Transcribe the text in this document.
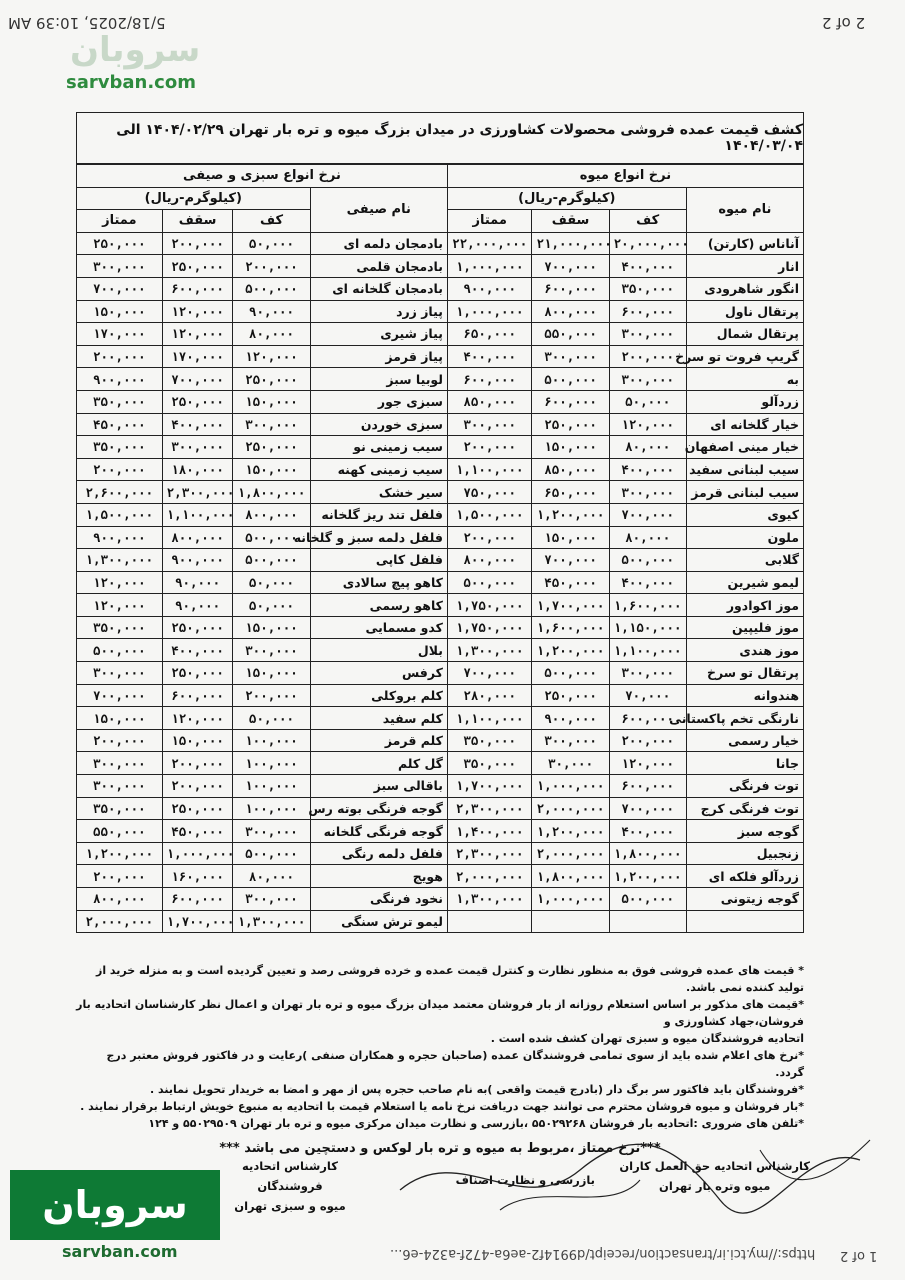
5/18/2025, 10:39 AM	2 of 2
سروبان
sarvban.com
کشف قیمت عمده فروشی محصولات کشاورزی در میدان بزرگ میوه و تره بار تهران ۱۴۰۴/۰۲/۲۹ الی ۱۴۰۴/۰۳/۰۴
نرخ انواع میوه				نرخ انواع سبزی و صیفی			
نام میوه	(کیلوگرم-ریال)			نام صیفی	(کیلوگرم-ریال)		
	کف	سقف	ممتاز		کف	سقف	ممتاز
آناناس (کارتن)	۲۰,۰۰۰,۰۰۰	۲۱,۰۰۰,۰۰۰	۲۲,۰۰۰,۰۰۰	بادمجان دلمه ای	۵۰,۰۰۰	۲۰۰,۰۰۰	۲۵۰,۰۰۰
انار	۴۰۰,۰۰۰	۷۰۰,۰۰۰	۱,۰۰۰,۰۰۰	بادمجان قلمی	۲۰۰,۰۰۰	۲۵۰,۰۰۰	۳۰۰,۰۰۰
انگور شاهرودی	۳۵۰,۰۰۰	۶۰۰,۰۰۰	۹۰۰,۰۰۰	بادمجان گلخانه ای	۵۰۰,۰۰۰	۶۰۰,۰۰۰	۷۰۰,۰۰۰
پرتقال ناول	۶۰۰,۰۰۰	۸۰۰,۰۰۰	۱,۰۰۰,۰۰۰	پیاز زرد	۹۰,۰۰۰	۱۲۰,۰۰۰	۱۵۰,۰۰۰
پرتقال شمال	۳۰۰,۰۰۰	۵۵۰,۰۰۰	۶۵۰,۰۰۰	پیاز شیری	۸۰,۰۰۰	۱۲۰,۰۰۰	۱۷۰,۰۰۰
گریپ فروت تو سرخ	۲۰۰,۰۰۰	۳۰۰,۰۰۰	۴۰۰,۰۰۰	پیاز قرمز	۱۲۰,۰۰۰	۱۷۰,۰۰۰	۲۰۰,۰۰۰
به	۳۰۰,۰۰۰	۵۰۰,۰۰۰	۶۰۰,۰۰۰	لوبیا سبز	۲۵۰,۰۰۰	۷۰۰,۰۰۰	۹۰۰,۰۰۰
زردآلو	۵۰,۰۰۰	۶۰۰,۰۰۰	۸۵۰,۰۰۰	سبزی جور	۱۵۰,۰۰۰	۲۵۰,۰۰۰	۳۵۰,۰۰۰
خیار گلخانه ای	۱۲۰,۰۰۰	۲۵۰,۰۰۰	۳۰۰,۰۰۰	سبزی خوردن	۳۰۰,۰۰۰	۴۰۰,۰۰۰	۴۵۰,۰۰۰
خیار مینی اصفهان	۸۰,۰۰۰	۱۵۰,۰۰۰	۲۰۰,۰۰۰	سیب زمینی نو	۲۵۰,۰۰۰	۳۰۰,۰۰۰	۳۵۰,۰۰۰
سیب لبنانی سفید	۴۰۰,۰۰۰	۸۵۰,۰۰۰	۱,۱۰۰,۰۰۰	سیب زمینی کهنه	۱۵۰,۰۰۰	۱۸۰,۰۰۰	۲۰۰,۰۰۰
سیب لبنانی قرمز	۳۰۰,۰۰۰	۶۵۰,۰۰۰	۷۵۰,۰۰۰	سیر خشک	۱,۸۰۰,۰۰۰	۲,۳۰۰,۰۰۰	۲,۶۰۰,۰۰۰
کیوی	۷۰۰,۰۰۰	۱,۲۰۰,۰۰۰	۱,۵۰۰,۰۰۰	فلفل تند ریز گلخانه	۸۰۰,۰۰۰	۱,۱۰۰,۰۰۰	۱,۵۰۰,۰۰۰
ملون	۸۰,۰۰۰	۱۵۰,۰۰۰	۲۰۰,۰۰۰	فلفل دلمه سبز و گلخانه	۵۰۰,۰۰۰	۸۰۰,۰۰۰	۹۰۰,۰۰۰
گلابی	۵۰۰,۰۰۰	۷۰۰,۰۰۰	۸۰۰,۰۰۰	فلفل کاپی	۵۰۰,۰۰۰	۹۰۰,۰۰۰	۱,۳۰۰,۰۰۰
لیمو شیرین	۴۰۰,۰۰۰	۴۵۰,۰۰۰	۵۰۰,۰۰۰	کاهو پیچ سالادی	۵۰,۰۰۰	۹۰,۰۰۰	۱۲۰,۰۰۰
موز اکوادور	۱,۶۰۰,۰۰۰	۱,۷۰۰,۰۰۰	۱,۷۵۰,۰۰۰	کاهو رسمی	۵۰,۰۰۰	۹۰,۰۰۰	۱۲۰,۰۰۰
موز فلیپین	۱,۱۵۰,۰۰۰	۱,۶۰۰,۰۰۰	۱,۷۵۰,۰۰۰	کدو مسمایی	۱۵۰,۰۰۰	۲۵۰,۰۰۰	۳۵۰,۰۰۰
موز هندی	۱,۱۰۰,۰۰۰	۱,۲۰۰,۰۰۰	۱,۳۰۰,۰۰۰	بلال	۳۰۰,۰۰۰	۴۰۰,۰۰۰	۵۰۰,۰۰۰
پرتقال تو سرخ	۳۰۰,۰۰۰	۵۰۰,۰۰۰	۷۰۰,۰۰۰	کرفس	۱۵۰,۰۰۰	۲۵۰,۰۰۰	۳۰۰,۰۰۰
هندوانه	۷۰,۰۰۰	۲۵۰,۰۰۰	۲۸۰,۰۰۰	کلم بروکلی	۲۰۰,۰۰۰	۶۰۰,۰۰۰	۷۰۰,۰۰۰
نارنگی تخم پاکستانی	۶۰۰,۰۰۰	۹۰۰,۰۰۰	۱,۱۰۰,۰۰۰	کلم سفید	۵۰,۰۰۰	۱۲۰,۰۰۰	۱۵۰,۰۰۰
خیار رسمی	۲۰۰,۰۰۰	۳۰۰,۰۰۰	۳۵۰,۰۰۰	کلم قرمز	۱۰۰,۰۰۰	۱۵۰,۰۰۰	۲۰۰,۰۰۰
جانا	۱۲۰,۰۰۰	۳۰,۰۰۰	۳۵۰,۰۰۰	گل کلم	۱۰۰,۰۰۰	۲۰۰,۰۰۰	۳۰۰,۰۰۰
توت فرنگی	۶۰۰,۰۰۰	۱,۰۰۰,۰۰۰	۱,۷۰۰,۰۰۰	باقالی سبز	۱۰۰,۰۰۰	۲۰۰,۰۰۰	۳۰۰,۰۰۰
توت فرنگی کرج	۷۰۰,۰۰۰	۲,۰۰۰,۰۰۰	۲,۳۰۰,۰۰۰	گوجه فرنگی بوته رس	۱۰۰,۰۰۰	۲۵۰,۰۰۰	۳۵۰,۰۰۰
گوجه سبز	۴۰۰,۰۰۰	۱,۲۰۰,۰۰۰	۱,۴۰۰,۰۰۰	گوجه فرنگی گلخانه	۳۰۰,۰۰۰	۴۵۰,۰۰۰	۵۵۰,۰۰۰
زنجبیل	۱,۸۰۰,۰۰۰	۲,۰۰۰,۰۰۰	۲,۳۰۰,۰۰۰	فلفل دلمه رنگی	۵۰۰,۰۰۰	۱,۰۰۰,۰۰۰	۱,۲۰۰,۰۰۰
زردآلو فلکه ای	۱,۲۰۰,۰۰۰	۱,۸۰۰,۰۰۰	۲,۰۰۰,۰۰۰	هویج	۸۰,۰۰۰	۱۶۰,۰۰۰	۲۰۰,۰۰۰
گوجه زیتونی	۵۰۰,۰۰۰	۱,۰۰۰,۰۰۰	۱,۳۰۰,۰۰۰	نخود فرنگی	۳۰۰,۰۰۰	۶۰۰,۰۰۰	۸۰۰,۰۰۰
				لیمو ترش سنگی	۱,۳۰۰,۰۰۰	۱,۷۰۰,۰۰۰	۲,۰۰۰,۰۰۰

* قیمت های عمده فروشی فوق به منظور نظارت و کنترل قیمت عمده و خرده فروشی رصد و تعیین گردیده است و به منزله خرید از تولید کننده نمی باشد.

*قیمت های مذکور بر اساس استعلام روزانه از بار فروشان معتمد میدان بزرگ میوه و تره بار تهران و اعمال نظر کارشناسان اتحادیه بار فروشان،جهاد کشاورزی و

اتحادیه فروشندگان میوه و سبزی تهران کشف شده است .

*نرخ های اعلام شده باید از سوی تمامی فروشندگان عمده (صاحبان حجره و همکاران صنفی )رعایت و در فاکتور فروش معتبر درج گردد.

*فروشندگان باید فاکتور سر برگ دار (بادرج قیمت واقعی )به نام صاحب حجره پس از مهر و امضا به خریدار تحویل نمایند .

*بار فروشان و میوه فروشان محترم می توانند جهت دریافت نرخ نامه یا استعلام قیمت با اتحادیه به منبوع خویش ارتباط برقرار نمایند .

*تلفن های ضروری :اتحادیه بار فروشان ۵۵۰۲۹۲۶۸ ،بازرسی و نظارت میدان مرکزی میوه و تره بار تهران ۵۵۰۲۹۵۰۹ و ۱۲۴

***نرخ ممتاز ،مربوط به میوه و تره بار لوکس و دستچین می باشد ***

کارشناس اتحادیه حق العمل کاران
میوه وتره بار تهران
بازرسی و نظارت اصناف
کارشناس اتحادیه فروشندگان
میوه و سبزی تهران
سروبان
sarvban.com	https://my.tci.ir/transaction/receipt/d9914f2-ae6a-472f-a324-e6... 1 of 2
